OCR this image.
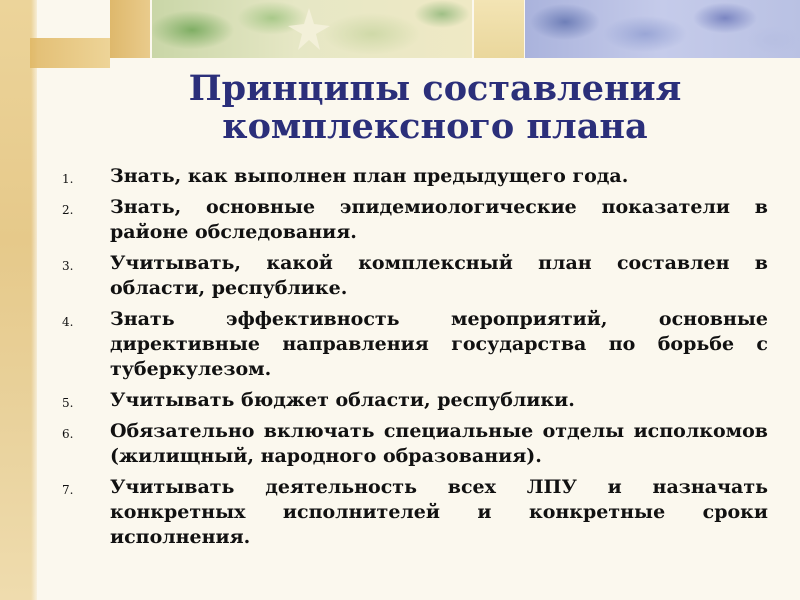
Принципы составления
комплексного плана
1. Знать, как выполнен план предыдущего года.
2. Знать, основные эпидемиологические показатели в районе обследования.
3. Учитывать, какой комплексный план составлен в области, республике.
4. Знать эффективность мероприятий, основные директивные направления государства по борьбе с туберкулезом.
5. Учитывать бюджет области, республики.
6. Обязательно включать специальные отделы исполкомов (жилищный, народного образования).
7. Учитывать деятельность всех ЛПУ и назначать конкретных исполнителей и конкретные сроки исполнения.
